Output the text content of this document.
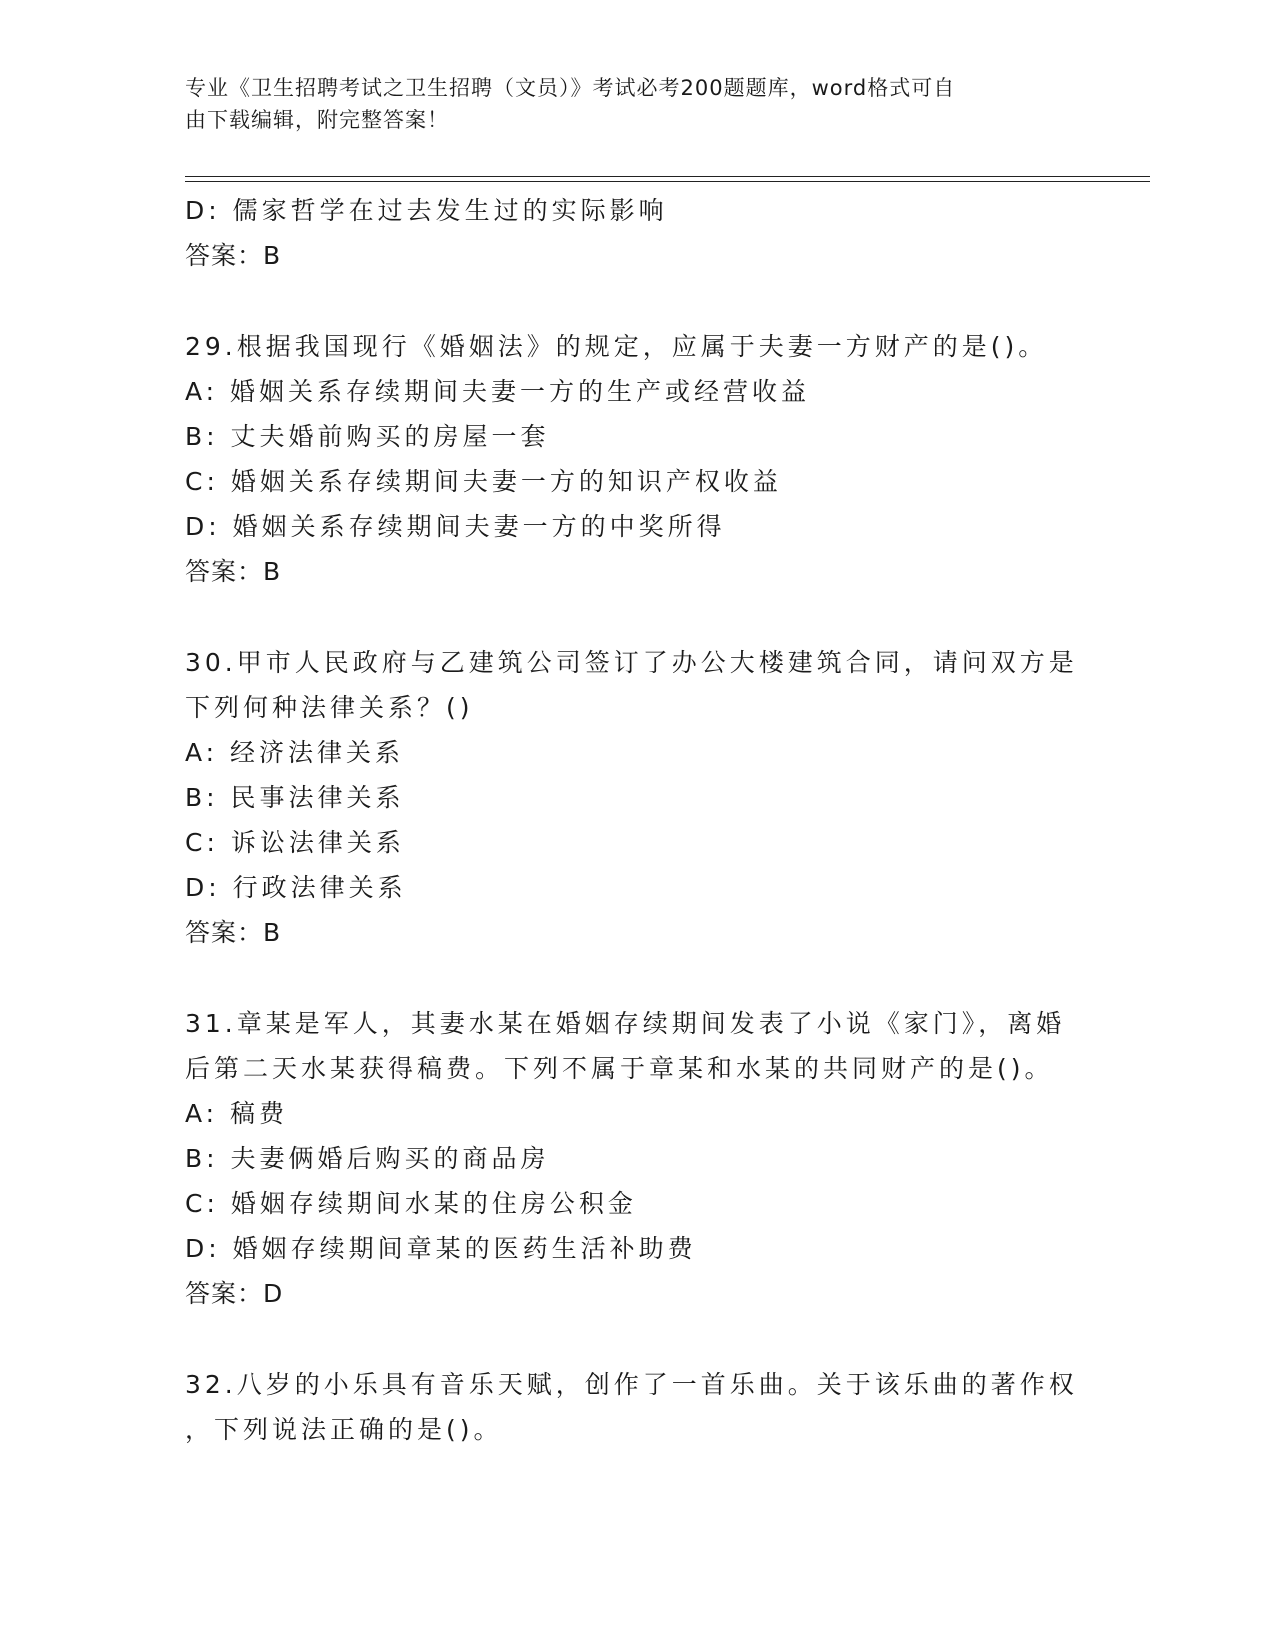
专业《卫生招聘考试之卫生招聘（文员）》考试必考200题题库，word格式可自
由下载编辑，附完整答案！
D: 儒家哲学在过去发生过的实际影响
答案：B
29.根据我国现行《婚姻法》的规定，应属于夫妻一方财产的是()。
A: 婚姻关系存续期间夫妻一方的生产或经营收益
B: 丈夫婚前购买的房屋一套
C: 婚姻关系存续期间夫妻一方的知识产权收益
D: 婚姻关系存续期间夫妻一方的中奖所得
答案：B
30.甲市人民政府与乙建筑公司签订了办公大楼建筑合同，请问双方是
下列何种法律关系？()
A: 经济法律关系
B: 民事法律关系
C: 诉讼法律关系
D: 行政法律关系
答案：B
31.章某是军人，其妻水某在婚姻存续期间发表了小说《家门》，离婚
后第二天水某获得稿费。下列不属于章某和水某的共同财产的是()。
A: 稿费
B: 夫妻俩婚后购买的商品房
C: 婚姻存续期间水某的住房公积金
D: 婚姻存续期间章某的医药生活补助费
答案：D
32.八岁的小乐具有音乐天赋，创作了一首乐曲。关于该乐曲的著作权
，下列说法正确的是()。
